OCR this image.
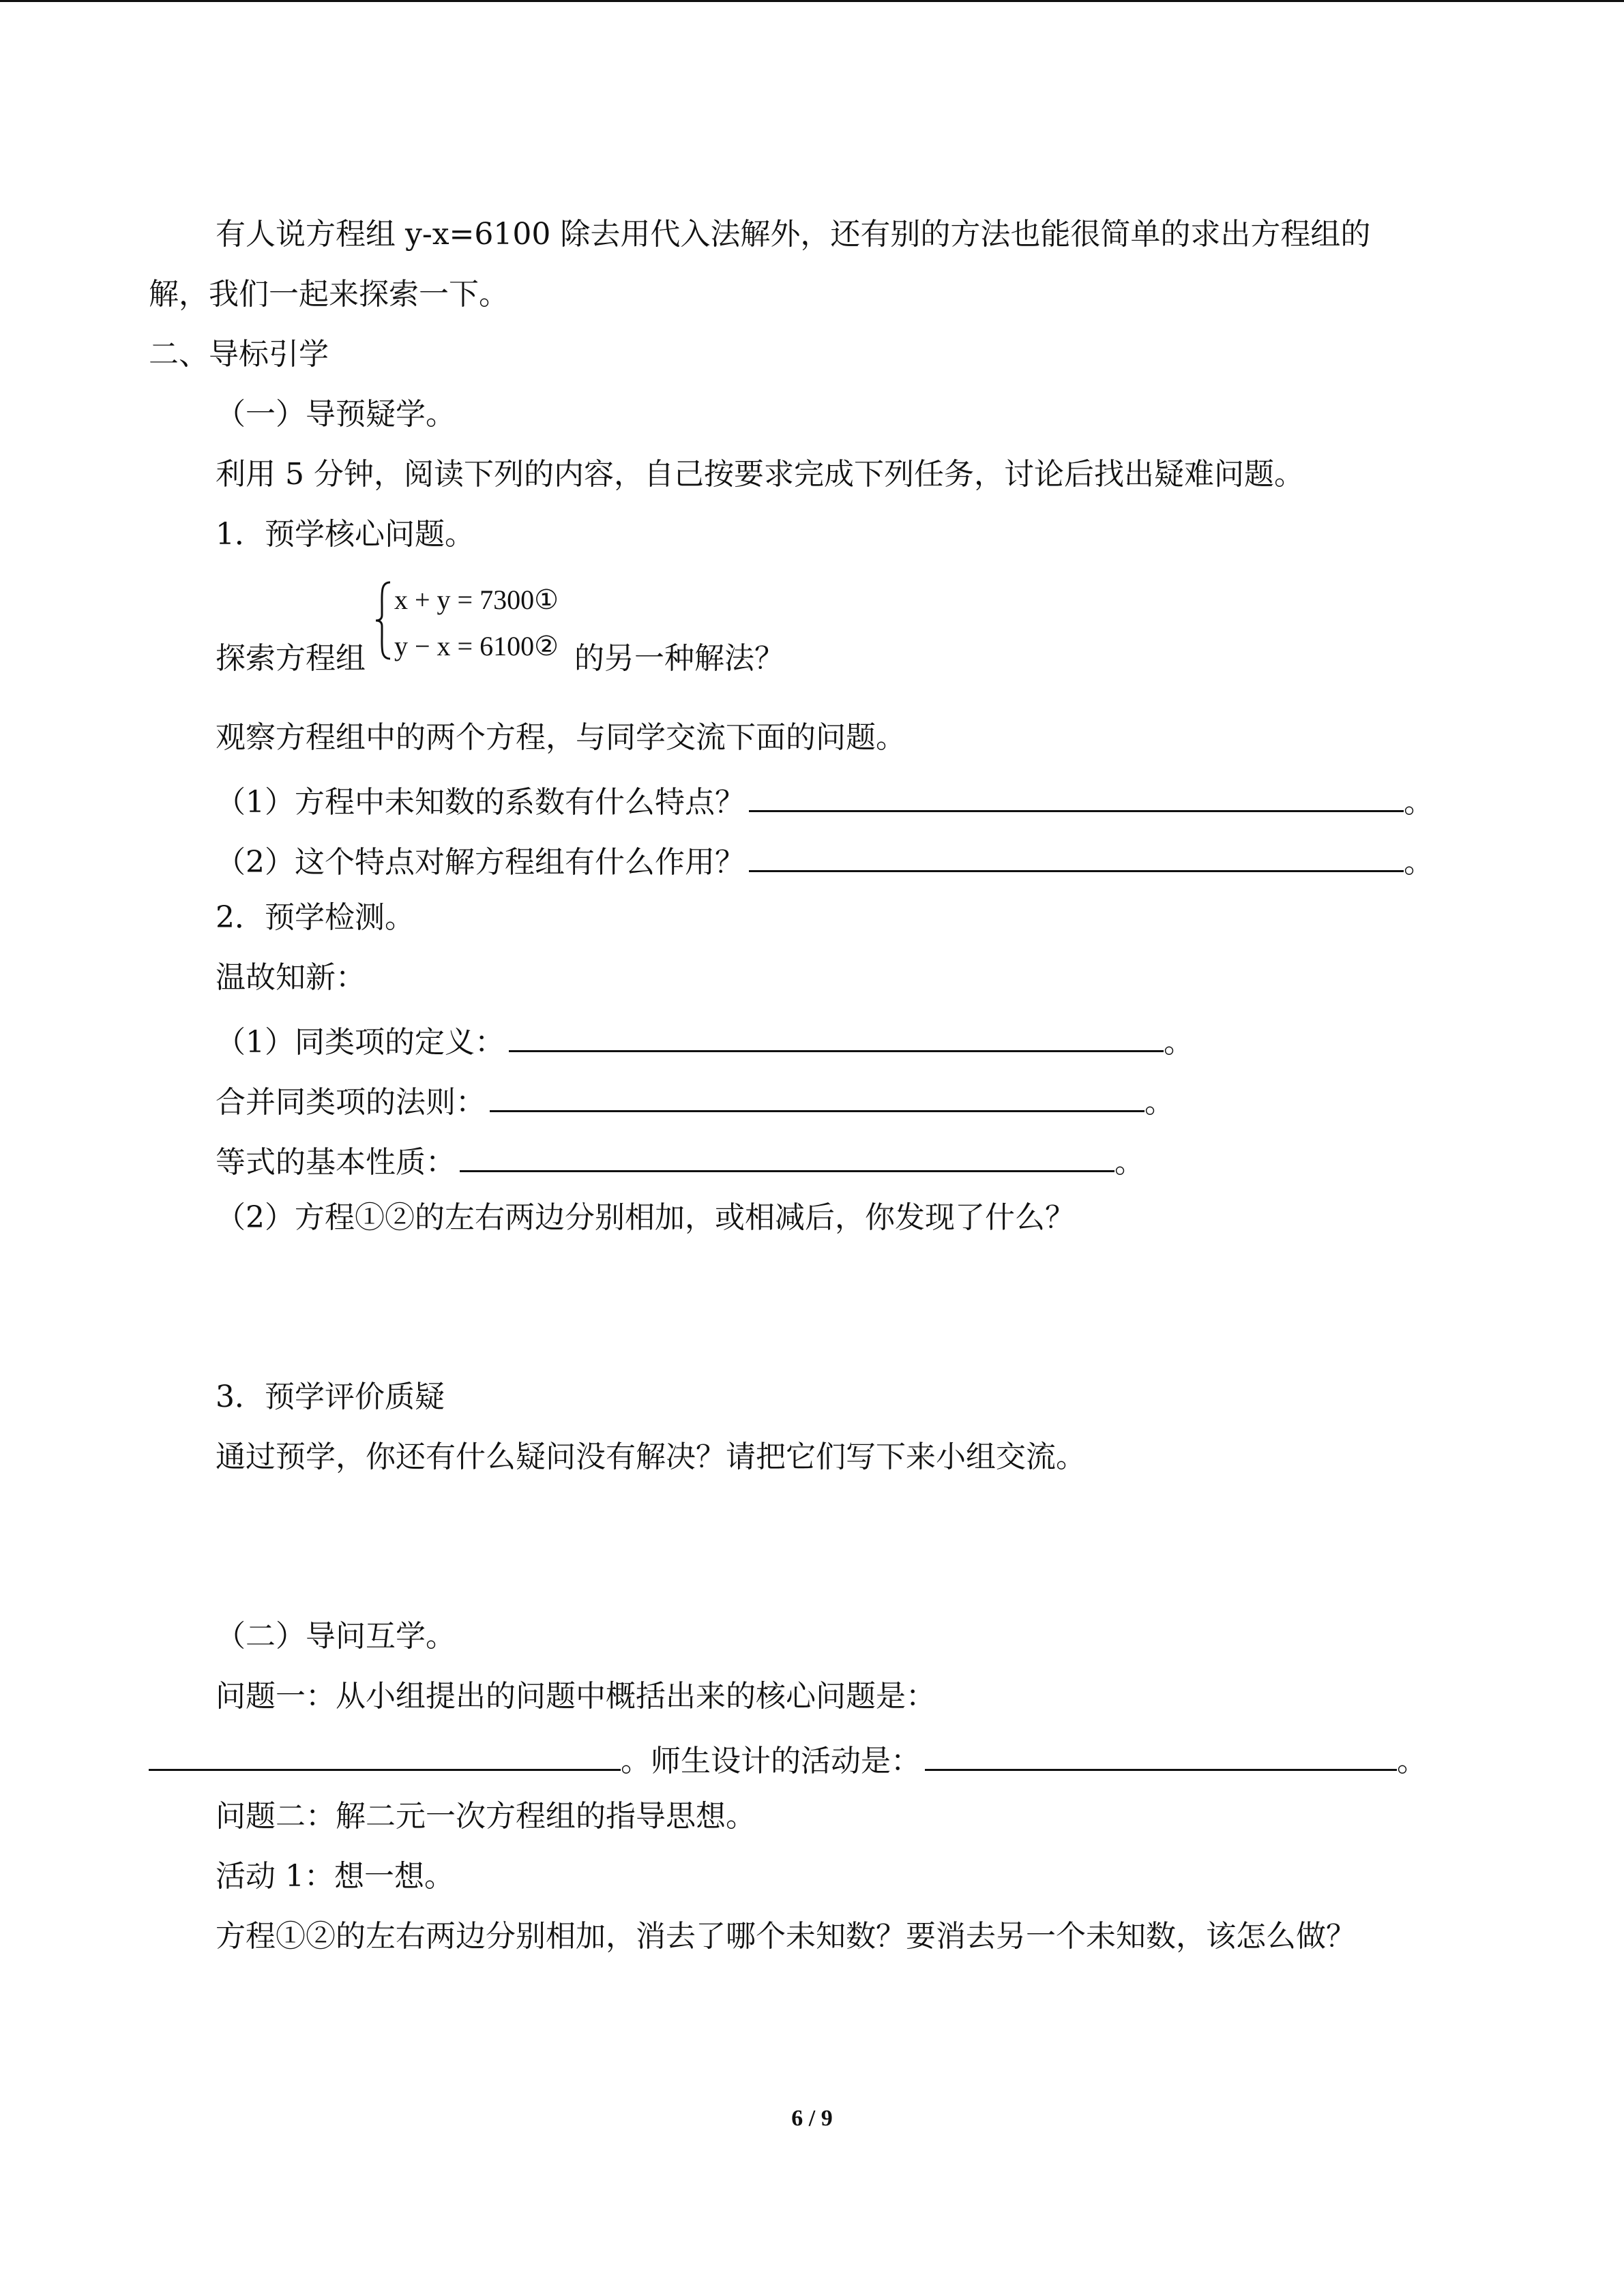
有人说方程组 y-x=6100 除去用代入法解外，还有别的方法也能很简单的求出方程组的
解，我们一起来探索一下。
二、导标引学
（一）导预疑学。
利用 5 分钟，阅读下列的内容，自己按要求完成下列任务，讨论后找出疑难问题。
1．预学核心问题。
x + y = 7300①
y − x = 6100②
探索方程组	的另一种解法？
观察方程组中的两个方程，与同学交流下面的问题。
（1）方程中未知数的系数有什么特点？	。
（2）这个特点对解方程组有什么作用？	。
2．预学检测。
温故知新：
（1）同类项的定义：	。
合并同类项的法则：	。
等式的基本性质：	。
（2）方程①②的左右两边分别相加，或相减后，你发现了什么？
3．预学评价质疑
通过预学，你还有什么疑问没有解决？请把它们写下来小组交流。
（二）导问互学。
问题一：从小组提出的问题中概括出来的核心问题是：
。师生设计的活动是：	。
问题二：解二元一次方程组的指导思想。
活动 1：想一想。
方程①②的左右两边分别相加，消去了哪个未知数？要消去另一个未知数，该怎么做？
6 / 9
